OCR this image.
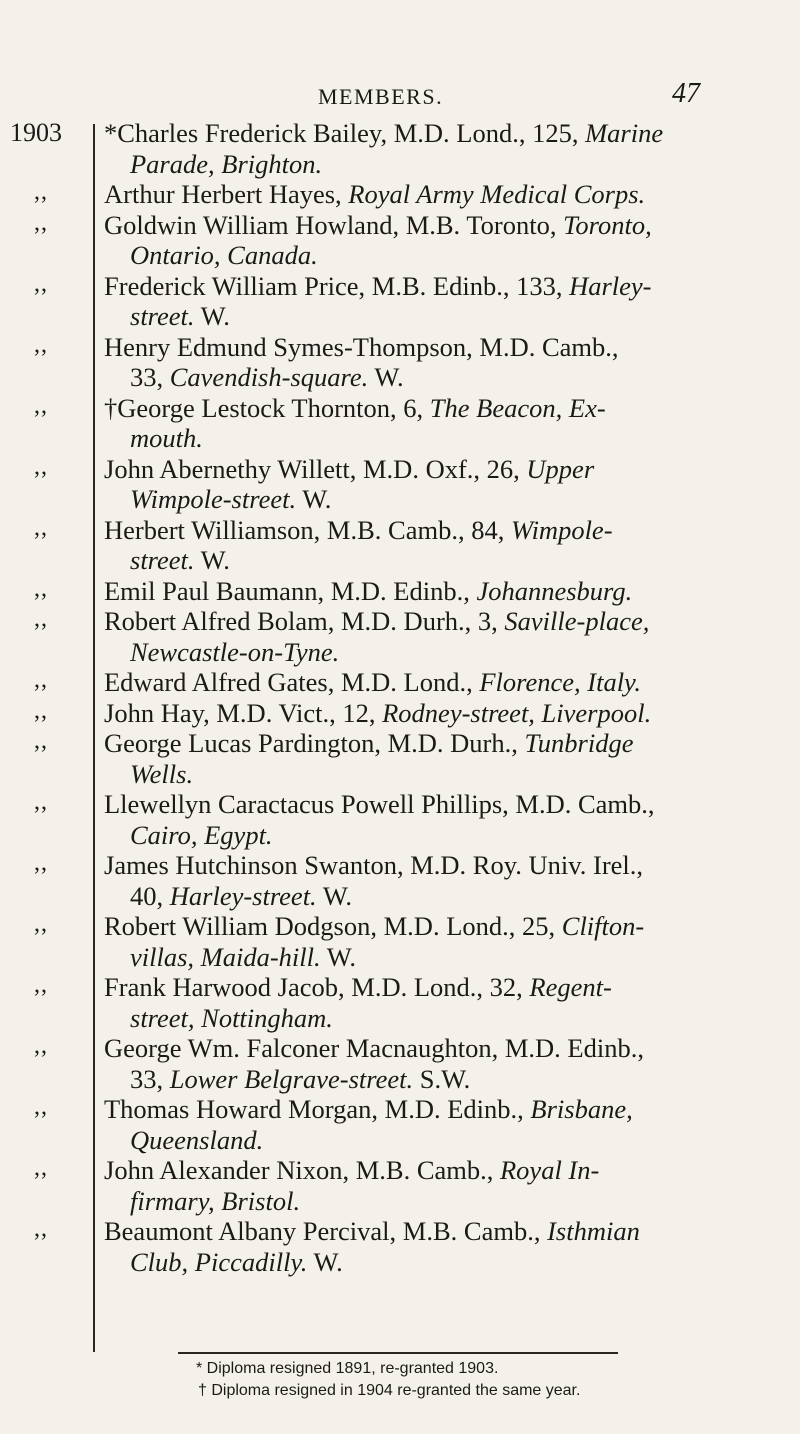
MEMBERS.	47
1903
,,
,,
,,
,,
,,
,,
,,
,,
,,
,,
,,
,,
,,
,,
,,
,,
,,
,,
,,
,,
*Charles Frederick Bailey, M.D. Lond., 125, Marine
Parade, Brighton.
Arthur Herbert Hayes, Royal Army Medical Corps.
Goldwin William Howland, M.B. Toronto, Toronto,
Ontario, Canada.
Frederick William Price, M.B. Edinb., 133, Harley-
street. W.
Henry Edmund Symes-Thompson, M.D. Camb.,
33, Cavendish-square. W.
†George Lestock Thornton, 6, The Beacon, Ex-
mouth.
John Abernethy Willett, M.D. Oxf., 26, Upper
Wimpole-street. W.
Herbert Williamson, M.B. Camb., 84, Wimpole-
street. W.
Emil Paul Baumann, M.D. Edinb., Johannesburg.
Robert Alfred Bolam, M.D. Durh., 3, Saville-place,
Newcastle-on-Tyne.
Edward Alfred Gates, M.D. Lond., Florence, Italy.
John Hay, M.D. Vict., 12, Rodney-street, Liverpool.
George Lucas Pardington, M.D. Durh., Tunbridge
Wells.
Llewellyn Caractacus Powell Phillips, M.D. Camb.,
Cairo, Egypt.
James Hutchinson Swanton, M.D. Roy. Univ. Irel.,
40, Harley-street. W.
Robert William Dodgson, M.D. Lond., 25, Clifton-
villas, Maida-hill. W.
Frank Harwood Jacob, M.D. Lond., 32, Regent-
street, Nottingham.
George Wm. Falconer Macnaughton, M.D. Edinb.,
33, Lower Belgrave-street. S.W.
Thomas Howard Morgan, M.D. Edinb., Brisbane,
Queensland.
John Alexander Nixon, M.B. Camb., Royal In-
firmary, Bristol.
Beaumont Albany Percival, M.B. Camb., Isthmian
Club, Piccadilly. W.
* Diploma resigned 1891, re-granted 1903.
† Diploma resigned in 1904 re-granted the same year.
